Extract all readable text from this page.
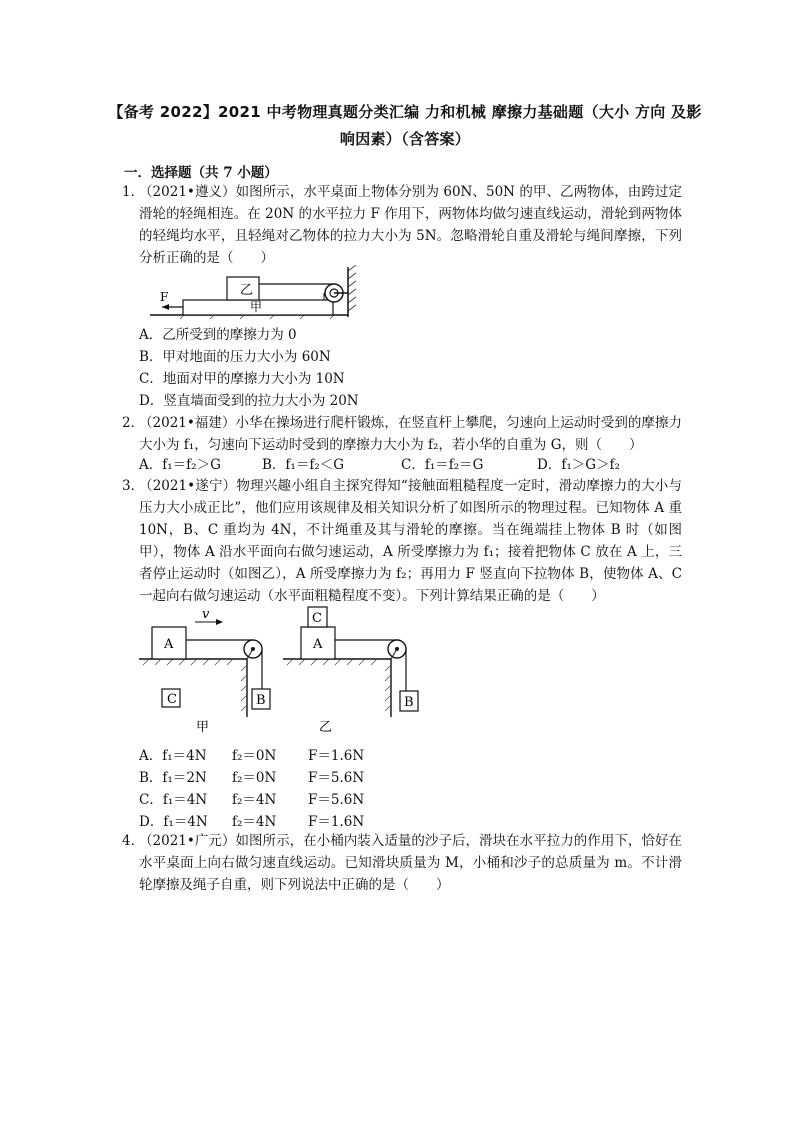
【备考 2022】2021 中考物理真题分类汇编 力和机械 摩擦力基础题（大小 方向 及影
响因素）（含答案）
一．选择题（共 7 小题）
1．
（2021•遵义）如图所示，水平桌面上物体分别为 60N、50N 的甲、乙两物体，由跨过定滑轮的轻绳相连。在 20N 的水平拉力 F 作用下，两物体均做匀速直线运动，滑轮到两物体的轻绳均水平，且轻绳对乙物体的拉力大小为 5N。忽略滑轮自重及滑轮与绳间摩擦，下列分析正确的是（　　）
乙
甲
F
A．乙所受到的摩擦力为 0
B．甲对地面的压力大小为 60N
C．地面对甲的摩擦力大小为 10N
D．竖直墙面受到的拉力大小为 20N
2．
（2021•福建）小华在操场进行爬杆锻炼，在竖直杆上攀爬，匀速向上运动时受到的摩擦力大小为 f₁，匀速向下运动时受到的摩擦力大小为 f₂，若小华的自重为 G，则（　　）
A．f₁＝f₂＞G	B．f₁＝f₂＜G	C．f₁＝f₂＝G	D．f₁＞G＞f₂
3．
（2021•遂宁）物理兴趣小组自主探究得知“接触面粗糙程度一定时，滑动摩擦力的大小与压力大小成正比”，他们应用该规律及相关知识分析了如图所示的物理过程。已知物体 A 重 10N，B、C 重均为 4N，不计绳重及其与滑轮的摩擦。当在绳端挂上物体 B 时（如图甲），物体 A 沿水平面向右做匀速运动，A 所受摩擦力为 f₁；接着把物体 C 放在 A 上，三者停止运动时（如图乙），A 所受摩擦力为 f₂；再用力 F 竖直向下拉物体 B，使物体 A、C 一起向右做匀速运动（水平面粗糙程度不变）。下列计算结果正确的是（　　）
v
A
B
C
A
C
B
甲	乙
A．f₁＝4N f₂＝0N F＝1.6N
B．f₁＝2N f₂＝0N F＝5.6N
C．f₁＝4N f₂＝4N F＝5.6N
D．f₁＝4N f₂＝4N F＝1.6N
4．
（2021•广元）如图所示，在小桶内装入适量的沙子后，滑块在水平拉力的作用下，恰好在水平桌面上向右做匀速直线运动。已知滑块质量为 M，小桶和沙子的总质量为 m。不计滑轮摩擦及绳子自重，则下列说法中正确的是（　　）
